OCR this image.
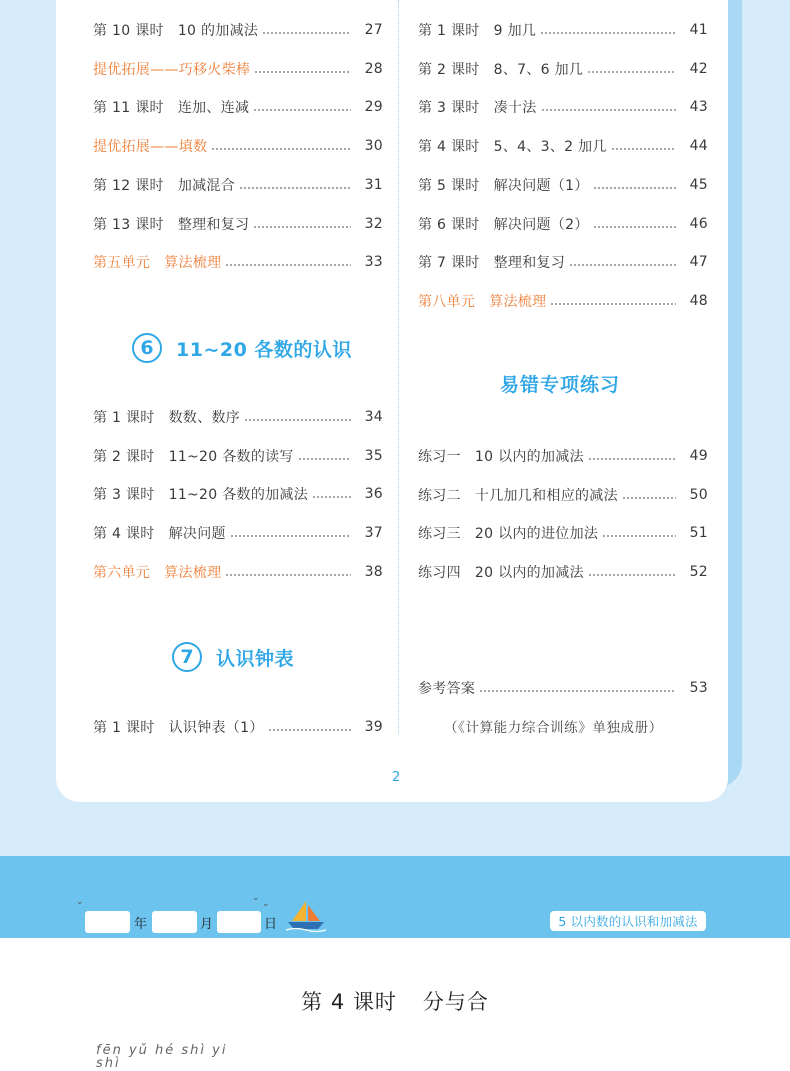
第 10 课时 10 的加减法	27
提优拓展——巧移火柴棒	28
第 11 课时 连加、连减	29
提优拓展——填数	30
第 12 课时 加减混合	31
第 13 课时 整理和复习	32
第五单元 算法梳理	33
第 1 课时 数数、数序	34
第 2 课时 11~20 各数的读写	35
第 3 课时 11~20 各数的加减法	36
第 4 课时 解决问题	37
第六单元 算法梳理	38
第 1 课时 认识钟表（1）	39
第 1 课时 9 加几	41
第 2 课时 8、7、6 加几	42
第 3 课时 凑十法	43
第 4 课时 5、4、3、2 加几	44
第 5 课时 解决问题（1）	45
第 6 课时 解决问题（2）	46
第 7 课时 整理和复习	47
第八单元 算法梳理	48
练习一 10 以内的加减法	49
练习二 十几加几和相应的减法	50
练习三 20 以内的进位加法	51
练习四 20 以内的加减法	52
参考答案	53
6	11~20 各数的认识
7	认识钟表
易错专项练习
（《计算能力综合训练》单独成册）
2
⌄	⌄
⌄
年	月	日	5 以内数的认识和加减法
第 4 课时 分与合
fēn yǔ hé shì yi shì
